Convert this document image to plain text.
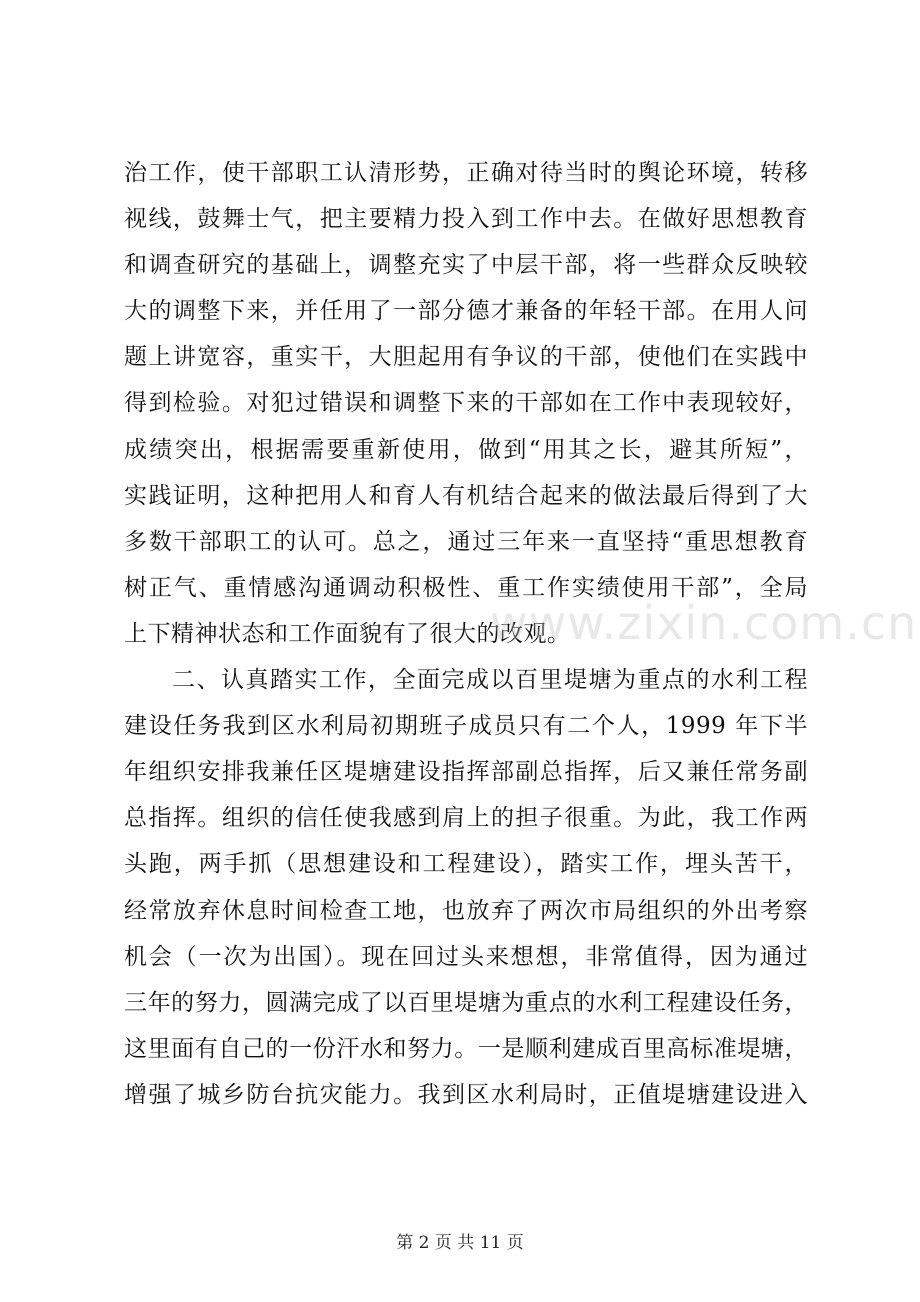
治工作，使干部职工认清形势，正确对待当时的舆论环境，转移
视线，鼓舞士气，把主要精力投入到工作中去。在做好思想教育
和调查研究的基础上，调整充实了中层干部，将一些群众反映较
大的调整下来，并任用了一部分德才兼备的年轻干部。在用人问
题上讲宽容，重实干，大胆起用有争议的干部，使他们在实践中
得到检验。对犯过错误和调整下来的干部如在工作中表现较好，
成绩突出，根据需要重新使用，做到“用其之长，避其所短”，
实践证明，这种把用人和育人有机结合起来的做法最后得到了大
多数干部职工的认可。总之，通过三年来一直坚持“重思想教育
树正气、重情感沟通调动积极性、重工作实绩使用干部”，全局
上下精神状态和工作面貌有了很大的改观。
二、认真踏实工作，全面完成以百里堤塘为重点的水利工程
建设任务我到区水利局初期班子成员只有二个人，1999 年下半
年组织安排我兼任区堤塘建设指挥部副总指挥，后又兼任常务副
总指挥。组织的信任使我感到肩上的担子很重。为此，我工作两
头跑，两手抓（思想建设和工程建设），踏实工作，埋头苦干，
经常放弃休息时间检查工地，也放弃了两次市局组织的外出考察
机会（一次为出国）。现在回过头来想想，非常值得，因为通过
三年的努力，圆满完成了以百里堤塘为重点的水利工程建设任务，
这里面有自己的一份汗水和努力。一是顺利建成百里高标准堤塘，
增强了城乡防台抗灾能力。我到区水利局时，正值堤塘建设进入
www.zixin.com.cn
第 2 页 共 11 页
